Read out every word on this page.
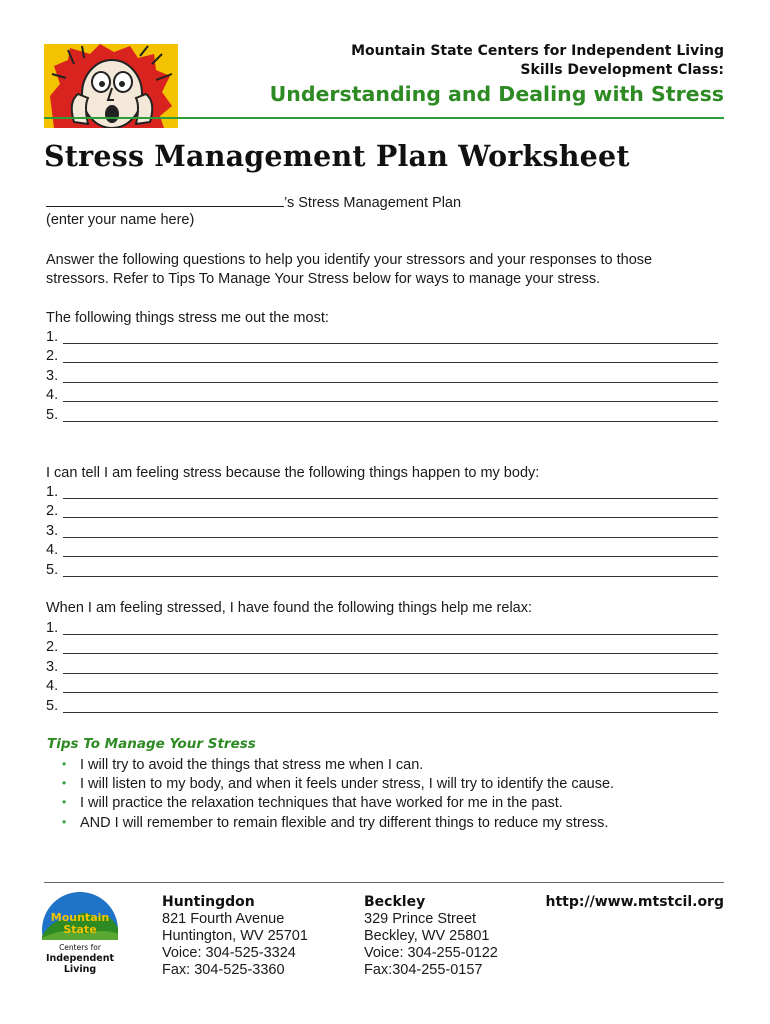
Mountain State Centers for Independent Living
Skills Development Class:
Understanding and Dealing with Stress
Stress Management Plan Worksheet
’s Stress Management Plan
(enter your name here)
Answer the following questions to help you identify your stressors and your responses to those
stressors. Refer to Tips To Manage Your Stress below for ways to manage your stress.
The following things stress me out the most:
1.
2.
3.
4.
5.
I can tell I am feeling stress because the following things happen to my body:
1.
2.
3.
4.
5.
When I am feeling stressed, I have found the following things help me relax:
1.
2.
3.
4.
5.
Tips To Manage Your Stress
• I will try to avoid the things that stress me when I can.
• I will listen to my body, and when it feels under stress, I will try to identify the cause.
• I will practice the relaxation techniques that have worked for me in the past.
• AND I will remember to remain flexible and try different things to reduce my stress.
Mountain
State
Centers for
Independent
Living
Huntingdon
821 Fourth Avenue
Huntington, WV 25701
Voice: 304-525-3324
Fax: 304-525-3360
Beckley
329 Prince Street
Beckley, WV 25801
Voice: 304-255-0122
Fax:304-255-0157
http://www.mtstcil.org
